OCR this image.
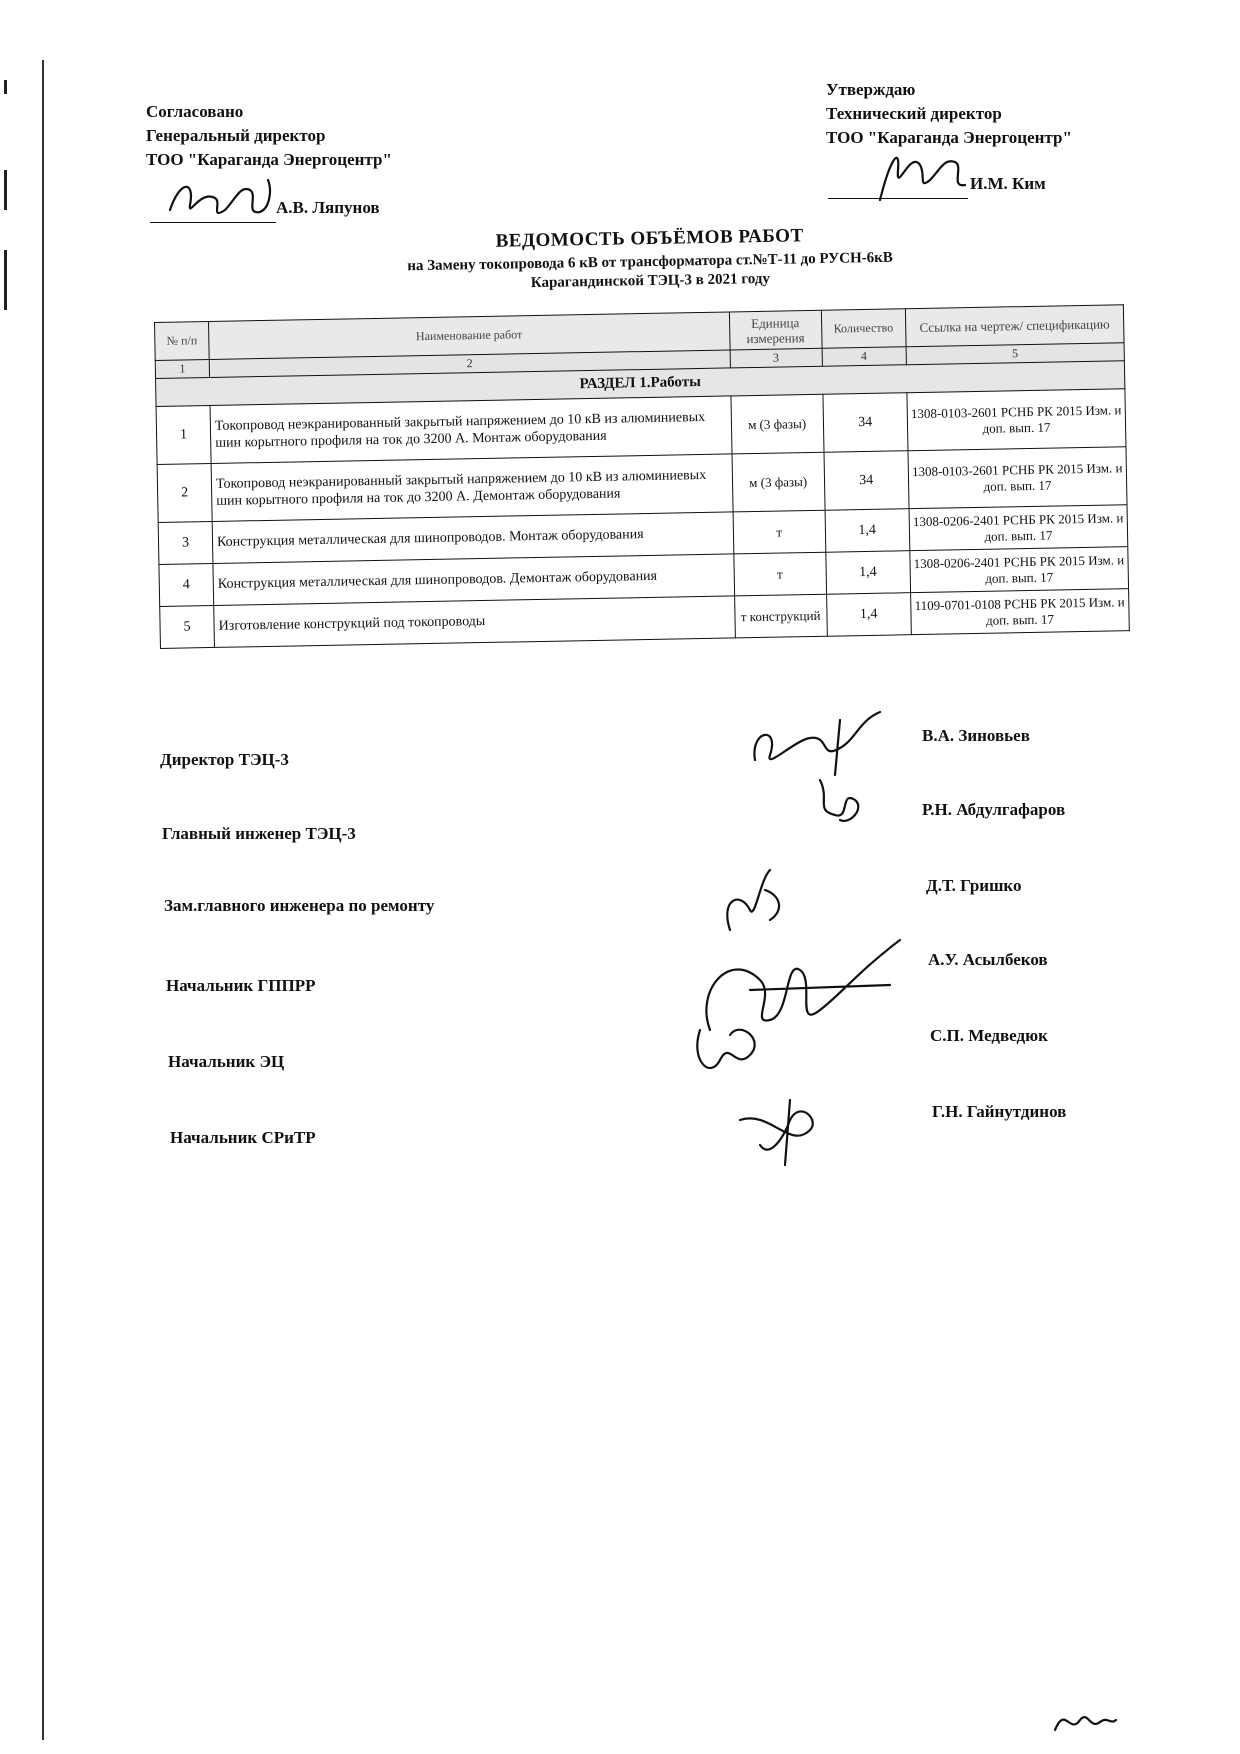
Согласовано
Генеральный директор
ТОО "Караганда Энергоцентр"
А.В. Ляпунов
Утверждаю
Технический директор
ТОО "Караганда Энергоцентр"
И.М. Ким
ВЕДОМОСТЬ ОБЪЁМОВ РАБОТ
на Замену токопровода 6 кВ от трансформатора ст.№Т-11 до РУСН-6кВ
Карагандинской ТЭЦ-3 в 2021 году
№ п/п	Наименование работ	Единица измерения	Количество	Ссылка на чертеж/ спецификацию
1	2	3	4	5
РАЗДЕЛ 1.Работы				
1	Токопровод неэкранированный закрытый напряжением до 10 кВ из алюминиевых шин корытного профиля на ток до 3200 А. Монтаж оборудования	м (3 фазы)	34	1308-0103-2601 РСНБ РК 2015 Изм. и доп. вып. 17
2	Токопровод неэкранированный закрытый напряжением до 10 кВ из алюминиевых шин корытного профиля на ток до 3200 А. Демонтаж оборудования	м (3 фазы)	34	1308-0103-2601 РСНБ РК 2015 Изм. и доп. вып. 17
3	Конструкция металлическая для шинопроводов. Монтаж оборудования	т	1,4	1308-0206-2401 РСНБ РК 2015 Изм. и доп. вып. 17
4	Конструкция металлическая для шинопроводов. Демонтаж оборудования	т	1,4	1308-0206-2401 РСНБ РК 2015 Изм. и доп. вып. 17
5	Изготовление конструкций под токопроводы	т конструкций	1,4	1109-0701-0108 РСНБ РК 2015 Изм. и доп. вып. 17
Директор ТЭЦ-3
Главный инженер ТЭЦ-3
Зам.главного инженера по ремонту
Начальник ГППРР
Начальник ЭЦ
Начальник СРиТР
В.А. Зиновьев
Р.Н. Абдулгафаров
Д.Т. Гришко
А.У. Асылбеков
С.П. Медведюк
Г.Н. Гайнутдинов
